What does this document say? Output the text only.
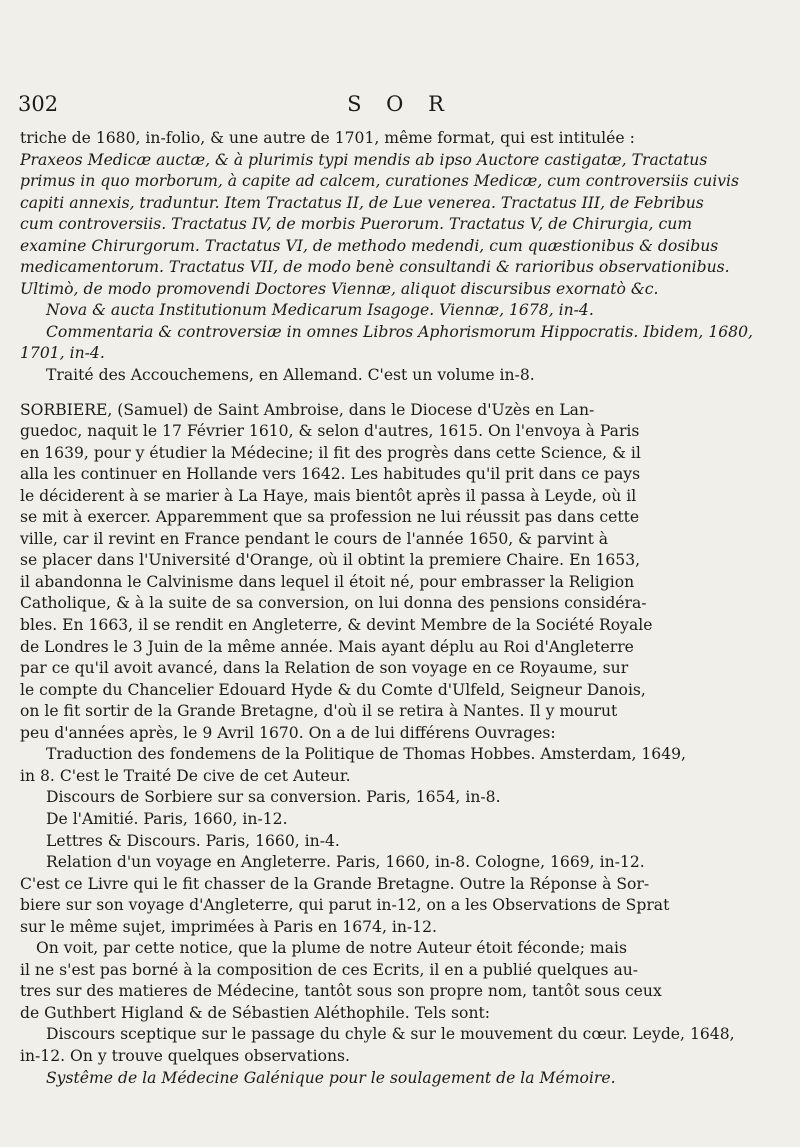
302	S O R
triche de 1680, in-folio, & une autre de 1701, même format, qui est intitulée :
Praxeos Medicæ auctæ, & à plurimis typi mendis ab ipso Auctore castigatæ, Tractatus
primus in quo morborum, à capite ad calcem, curationes Medicæ, cum controversiis cuivis
capiti annexis, traduntur. Item Tractatus II, de Lue venerea. Tractatus III, de Febribus
cum controversiis. Tractatus IV, de morbis Puerorum. Tractatus V, de Chirurgia, cum
examine Chirurgorum. Tractatus VI, de methodo medendi, cum quæstionibus & dosibus
medicamentorum. Tractatus VII, de modo benè consultandi & rarioribus observationibus.
Ultimò, de modo promovendi Doctores Viennæ, aliquot discursibus exornatò &c.
Nova & aucta Institutionum Medicarum Isagoge. Viennæ, 1678, in-4.
Commentaria & controversiæ in omnes Libros Aphorismorum Hippocratis. Ibidem, 1680,
1701, in-4.
Traité des Accouchemens, en Allemand. C'est un volume in-8.
SORBIERE, (Samuel) de Saint Ambroise, dans le Diocese d'Uzès en Lan-
guedoc, naquit le 17 Février 1610, & selon d'autres, 1615. On l'envoya à Paris
en 1639, pour y étudier la Médecine; il fit des progrès dans cette Science, & il
alla les continuer en Hollande vers 1642. Les habitudes qu'il prit dans ce pays
le déciderent à se marier à La Haye, mais bientôt après il passa à Leyde, où il
se mit à exercer. Apparemment que sa profession ne lui réussit pas dans cette
ville, car il revint en France pendant le cours de l'année 1650, & parvint à
se placer dans l'Université d'Orange, où il obtint la premiere Chaire. En 1653,
il abandonna le Calvinisme dans lequel il étoit né, pour embrasser la Religion
Catholique, & à la suite de sa conversion, on lui donna des pensions considéra-
bles. En 1663, il se rendit en Angleterre, & devint Membre de la Société Royale
de Londres le 3 Juin de la même année. Mais ayant déplu au Roi d'Angleterre
par ce qu'il avoit avancé, dans la Relation de son voyage en ce Royaume, sur
le compte du Chancelier Edouard Hyde & du Comte d'Ulfeld, Seigneur Danois,
on le fit sortir de la Grande Bretagne, d'où il se retira à Nantes. Il y mourut
peu d'années après, le 9 Avril 1670. On a de lui différens Ouvrages:
Traduction des fondemens de la Politique de Thomas Hobbes. Amsterdam, 1649,
in 8. C'est le Traité De cive de cet Auteur.
Discours de Sorbiere sur sa conversion. Paris, 1654, in-8.
De l'Amitié. Paris, 1660, in-12.
Lettres & Discours. Paris, 1660, in-4.
Relation d'un voyage en Angleterre. Paris, 1660, in-8. Cologne, 1669, in-12.
C'est ce Livre qui le fit chasser de la Grande Bretagne. Outre la Réponse à Sor-
biere sur son voyage d'Angleterre, qui parut in-12, on a les Observations de Sprat
sur le même sujet, imprimées à Paris en 1674, in-12.
On voit, par cette notice, que la plume de notre Auteur étoit féconde; mais
il ne s'est pas borné à la composition de ces Ecrits, il en a publié quelques au-
tres sur des matieres de Médecine, tantôt sous son propre nom, tantôt sous ceux
de Guthbert Higland & de Sébastien Aléthophile. Tels sont:
Discours sceptique sur le passage du chyle & sur le mouvement du cœur. Leyde, 1648,
in-12. On y trouve quelques observations.
Systême de la Médecine Galénique pour le soulagement de la Mémoire.
